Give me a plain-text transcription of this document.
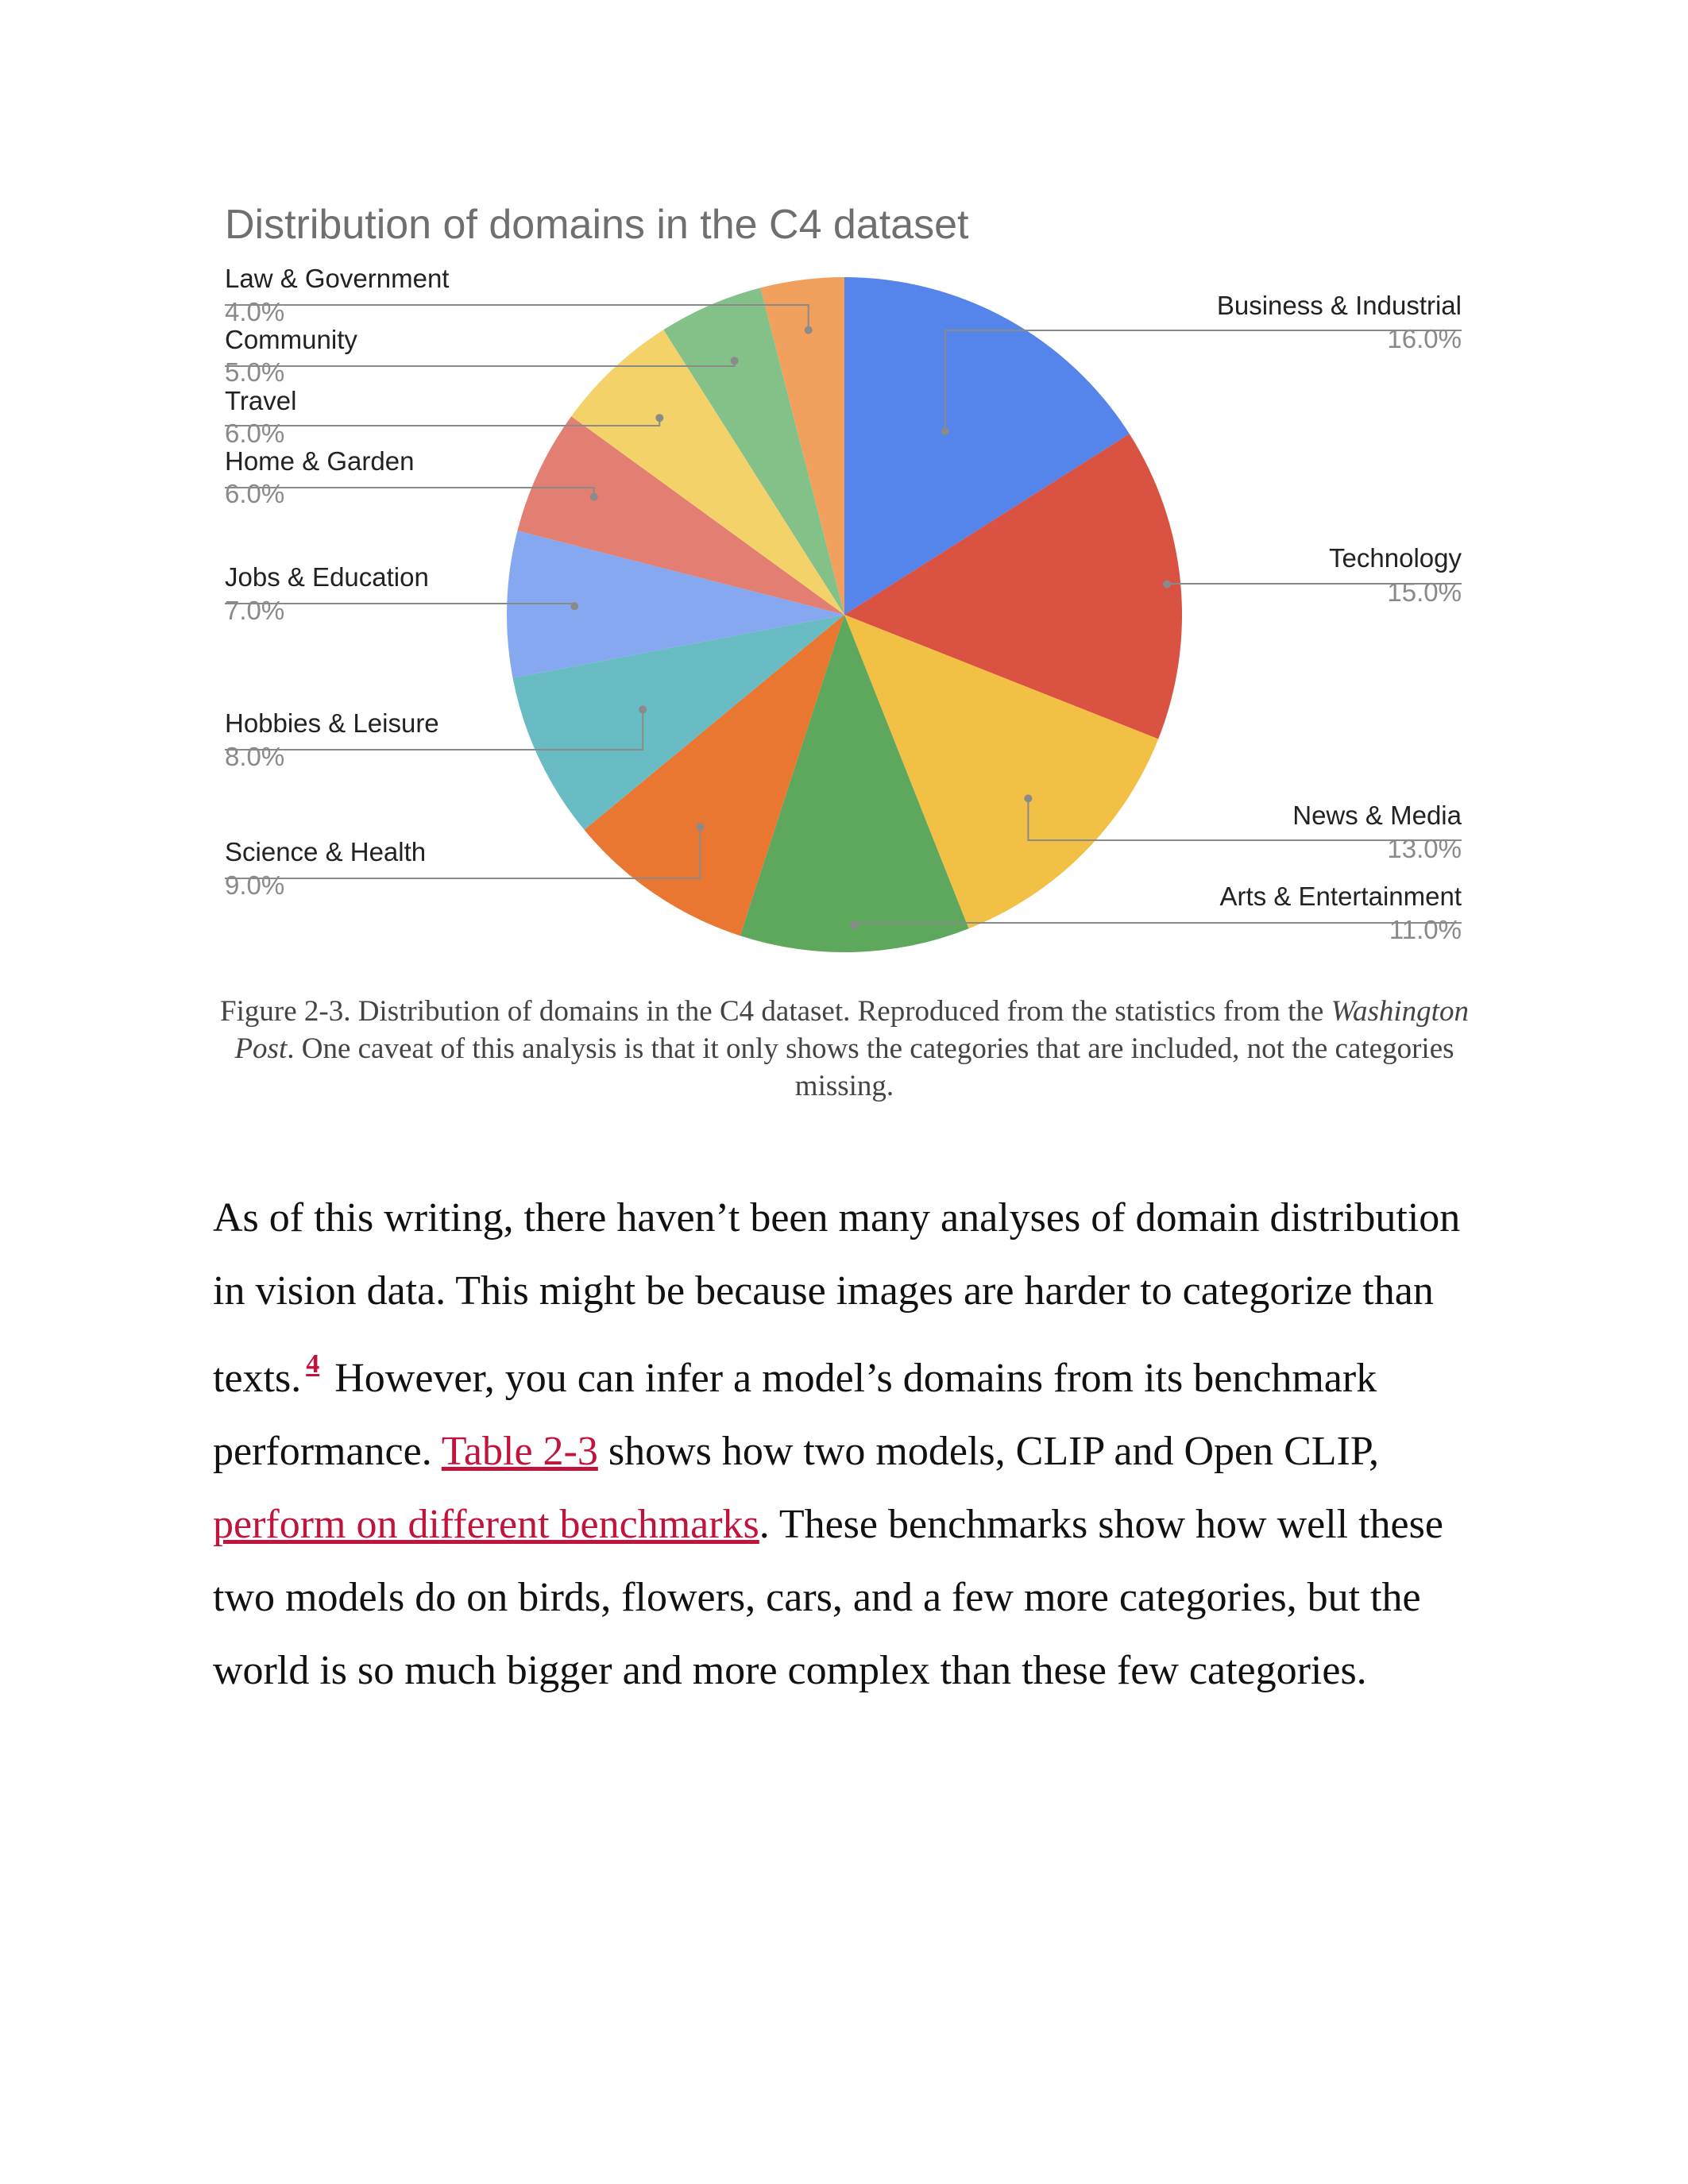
Distribution of domains in the C4 dataset
Business & Industrial
16.0%
Technology
15.0%
News & Media
13.0%
Arts & Entertainment
11.0%
Science & Health
9.0%
Hobbies & Leisure
8.0%
Jobs & Education
7.0%
Home & Garden
6.0%
Travel
6.0%
Community
5.0%
Law & Government
4.0%
Figure 2-3. Distribution of domains in the C4 dataset. Reproduced from the statistics from the Washington Post. One caveat of this analysis is that it only shows the categories that are included, not the categories missing.
As of this writing, there haven’t been many analyses of domain distribution in vision data. This might be because images are harder to categorize than texts. $^4$ However, you can infer a model’s domains from its benchmark performance. Table 2-3 shows how two models, CLIP and Open CLIP, perform on different benchmarks. These benchmarks show how well these two models do on birds, flowers, cars, and a few more categories, but the world is so much bigger and more complex than these few categories.
